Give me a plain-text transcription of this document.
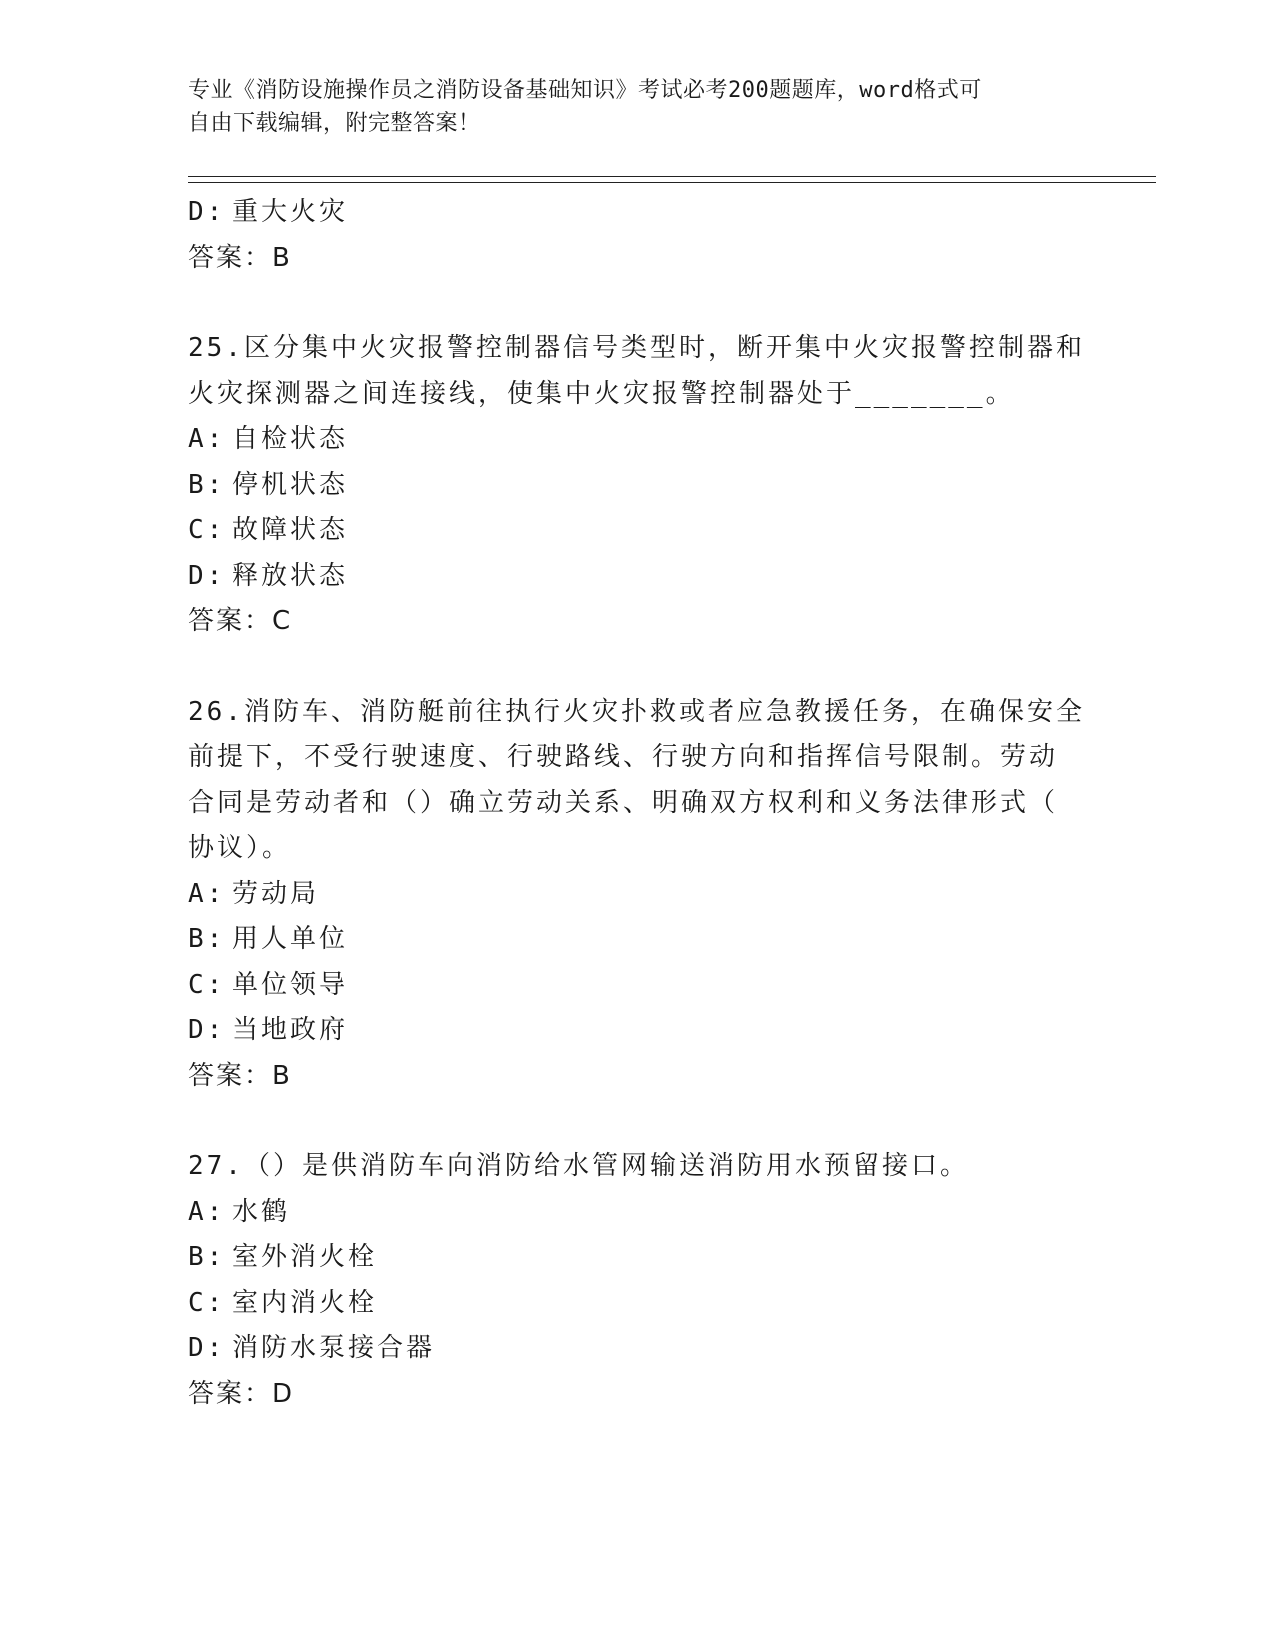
专业《消防设施操作员之消防设备基础知识》考试必考200题题库，word格式可
自由下载编辑，附完整答案！
D: 重大火灾
答案：B
25.区分集中火灾报警控制器信号类型时，断开集中火灾报警控制器和
火灾探测器之间连接线，使集中火灾报警控制器处于_______。
A: 自检状态
B: 停机状态
C: 故障状态
D: 释放状态
答案：C
26.消防车、消防艇前往执行火灾扑救或者应急教援任务，在确保安全
前提下，不受行驶速度、行驶路线、行驶方向和指挥信号限制。劳动
合同是劳动者和（）确立劳动关系、明确双方权利和义务法律形式（
协议）。
A: 劳动局
B: 用人单位
C: 单位领导
D: 当地政府
答案：B
27.（）是供消防车向消防给水管网输送消防用水预留接口。
A: 水鹤
B: 室外消火栓
C: 室内消火栓
D: 消防水泵接合器
答案：D
